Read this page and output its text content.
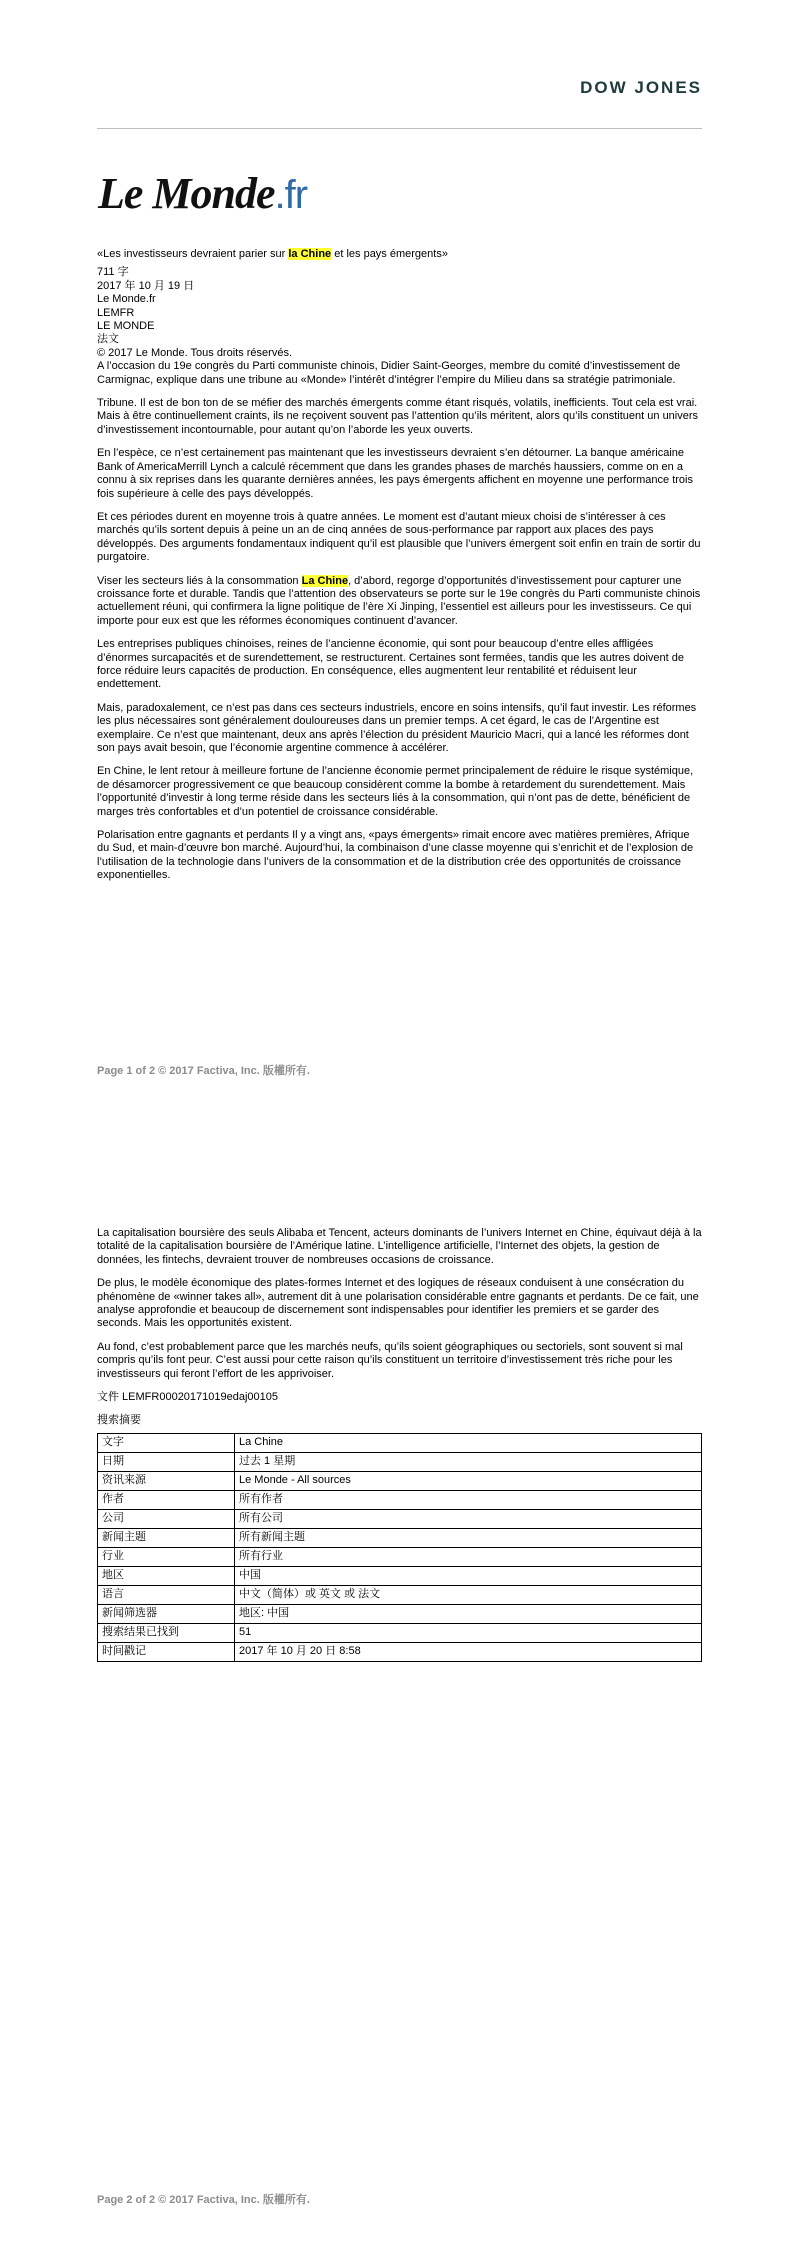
DOW JONES
Le Monde.fr
«Les investisseurs devraient parier sur la Chine et les pays émergents»
711 字
2017 年 10 月 19 日
Le Monde.fr
LEMFR
LE MONDE
法文
© 2017 Le Monde. Tous droits réservés.

A l’occasion du 19e congrès du Parti communiste chinois, Didier Saint-Georges, membre du comité d’investissement de Carmignac, explique dans une tribune au «Monde» l’intérêt d’intégrer l’empire du Milieu dans sa stratégie patrimoniale.

Tribune. Il est de bon ton de se méfier des marchés émergents comme étant risqués, volatils, inefficients. Tout cela est vrai. Mais à être continuellement craints, ils ne reçoivent souvent pas l’attention qu’ils méritent, alors qu’ils constituent un univers d’investissement incontournable, pour autant qu’on l’aborde les yeux ouverts.

En l’espèce, ce n’est certainement pas maintenant que les investisseurs devraient s’en détourner. La banque américaine Bank of AmericaMerrill Lynch a calculé récemment que dans les grandes phases de marchés haussiers, comme on en a connu à six reprises dans les quarante dernières années, les pays émergents affichent en moyenne une performance trois fois supérieure à celle des pays développés.

Et ces périodes durent en moyenne trois à quatre années. Le moment est d’autant mieux choisi de s’intéresser à ces marchés qu’ils sortent depuis à peine un an de cinq années de sous-performance par rapport aux places des pays développés. Des arguments fondamentaux indiquent qu’il est plausible que l’univers émergent soit enfin en train de sortir du purgatoire.

Viser les secteurs liés à la consommation La Chine, d’abord, regorge d’opportunités d’investissement pour capturer une croissance forte et durable. Tandis que l’attention des observateurs se porte sur le 19e congrès du Parti communiste chinois actuellement réuni, qui confirmera la ligne politique de l’ère Xi Jinping, l’essentiel est ailleurs pour les investisseurs. Ce qui importe pour eux est que les réformes économiques continuent d’avancer.

Les entreprises publiques chinoises, reines de l’ancienne économie, qui sont pour beaucoup d’entre elles affligées d’énormes surcapacités et de surendettement, se restructurent. Certaines sont fermées, tandis que les autres doivent de force réduire leurs capacités de production. En conséquence, elles augmentent leur rentabilité et réduisent leur endettement.

Mais, paradoxalement, ce n’est pas dans ces secteurs industriels, encore en soins intensifs, qu’il faut investir. Les réformes les plus nécessaires sont généralement douloureuses dans un premier temps. A cet égard, le cas de l’Argentine est exemplaire. Ce n’est que maintenant, deux ans après l’élection du président Mauricio Macri, qui a lancé les réformes dont son pays avait besoin, que l’économie argentine commence à accélérer.

En Chine, le lent retour à meilleure fortune de l’ancienne économie permet principalement de réduire le risque systémique, de désamorcer progressivement ce que beaucoup considèrent comme la bombe à retardement du surendettement. Mais l’opportunité d’investir à long terme réside dans les secteurs liés à la consommation, qui n’ont pas de dette, bénéficient de marges très confortables et d’un potentiel de croissance considérable.

Polarisation entre gagnants et perdants Il y a vingt ans, «pays émergents» rimait encore avec matières premières, Afrique du Sud, et main-d’œuvre bon marché. Aujourd’hui, la combinaison d’une classe moyenne qui s’enrichit et de l’explosion de l’utilisation de la technologie dans l’univers de la consommation et de la distribution crée des opportunités de croissance exponentielles.

Page 1 of 2 © 2017 Factiva, Inc. 版權所有.

La capitalisation boursière des seuls Alibaba et Tencent, acteurs dominants de l’univers Internet en Chine, équivaut déjà à la totalité de la capitalisation boursière de l’Amérique latine. L’intelligence artificielle, l’Internet des objets, la gestion de données, les fintechs, devraient trouver de nombreuses occasions de croissance.

De plus, le modèle économique des plates-formes Internet et des logiques de réseaux conduisent à une consécration du phénomène de «winner takes all», autrement dit à une polarisation considérable entre gagnants et perdants. De ce fait, une analyse approfondie et beaucoup de discernement sont indispensables pour identifier les premiers et se garder des seconds. Mais les opportunités existent.

Au fond, c’est probablement parce que les marchés neufs, qu’ils soient géographiques ou sectoriels, sont souvent si mal compris qu’ils font peur. C’est aussi pour cette raison qu’ils constituent un territoire d’investissement très riche pour les investisseurs qui feront l’effort de les apprivoiser.

文件 LEMFR00020171019edaj00105

搜索摘要
文字	La Chine
日期	过去 1 星期
资讯来源	Le Monde - All sources
作者	所有作者
公司	所有公司
新闻主题	所有新闻主题
行业	所有行业
地区	中国
语言	中文（简体）或 英文 或 法文
新闻筛选器	地区: 中国
搜索结果已找到	51
时间戳记	2017 年 10 月 20 日 8:58
Page 2 of 2 © 2017 Factiva, Inc. 版權所有.
